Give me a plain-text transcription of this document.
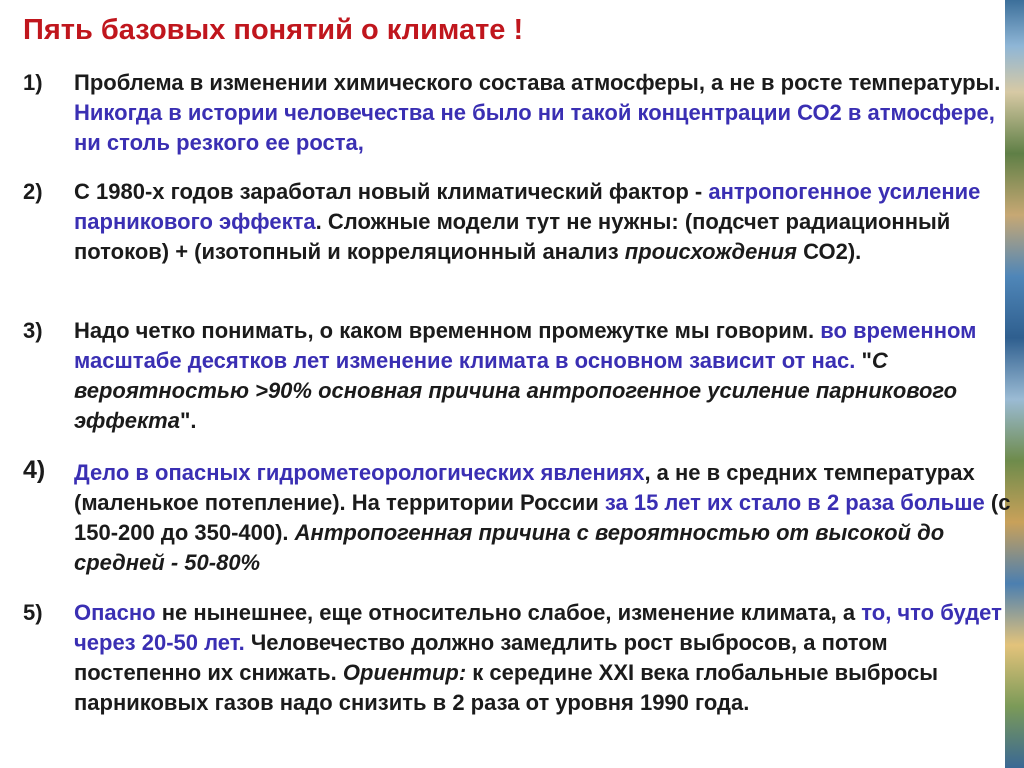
Пять базовых понятий о климате !
1) Проблема в изменении химического состава атмосферы, а не в росте температуры. Никогда в истории человечества не было ни такой концентрации СО2 в атмосфере, ни столь резкого ее роста,
2) С 1980-х годов заработал новый климатический фактор - антропогенное усиление парникового эффекта. Сложные модели тут не нужны: (подсчет радиационный потоков) + (изотопный и корреляционный анализ происхождения СО2).
3) Надо четко понимать, о каком временном промежутке мы говорим. во временном масштабе десятков лет изменение климата в основном зависит от нас. "С вероятностью >90% основная причина антропогенное усиление парникового эффекта".
4) Дело в опасных гидрометеорологических явлениях, а не в средних температурах (маленькое потепление). На территории России за 15 лет их стало в 2 раза больше (с 150-200 до 350-400). Антропогенная причина с вероятностью от высокой до средней - 50-80%
5) Опасно не нынешнее, еще относительно слабое, изменение климата, а то, что будет через 20-50 лет. Человечество должно замедлить рост выбросов, а потом постепенно их снижать. Ориентир: к середине XXI века глобальные выбросы парниковых газов надо снизить в 2 раза от уровня 1990 года.
